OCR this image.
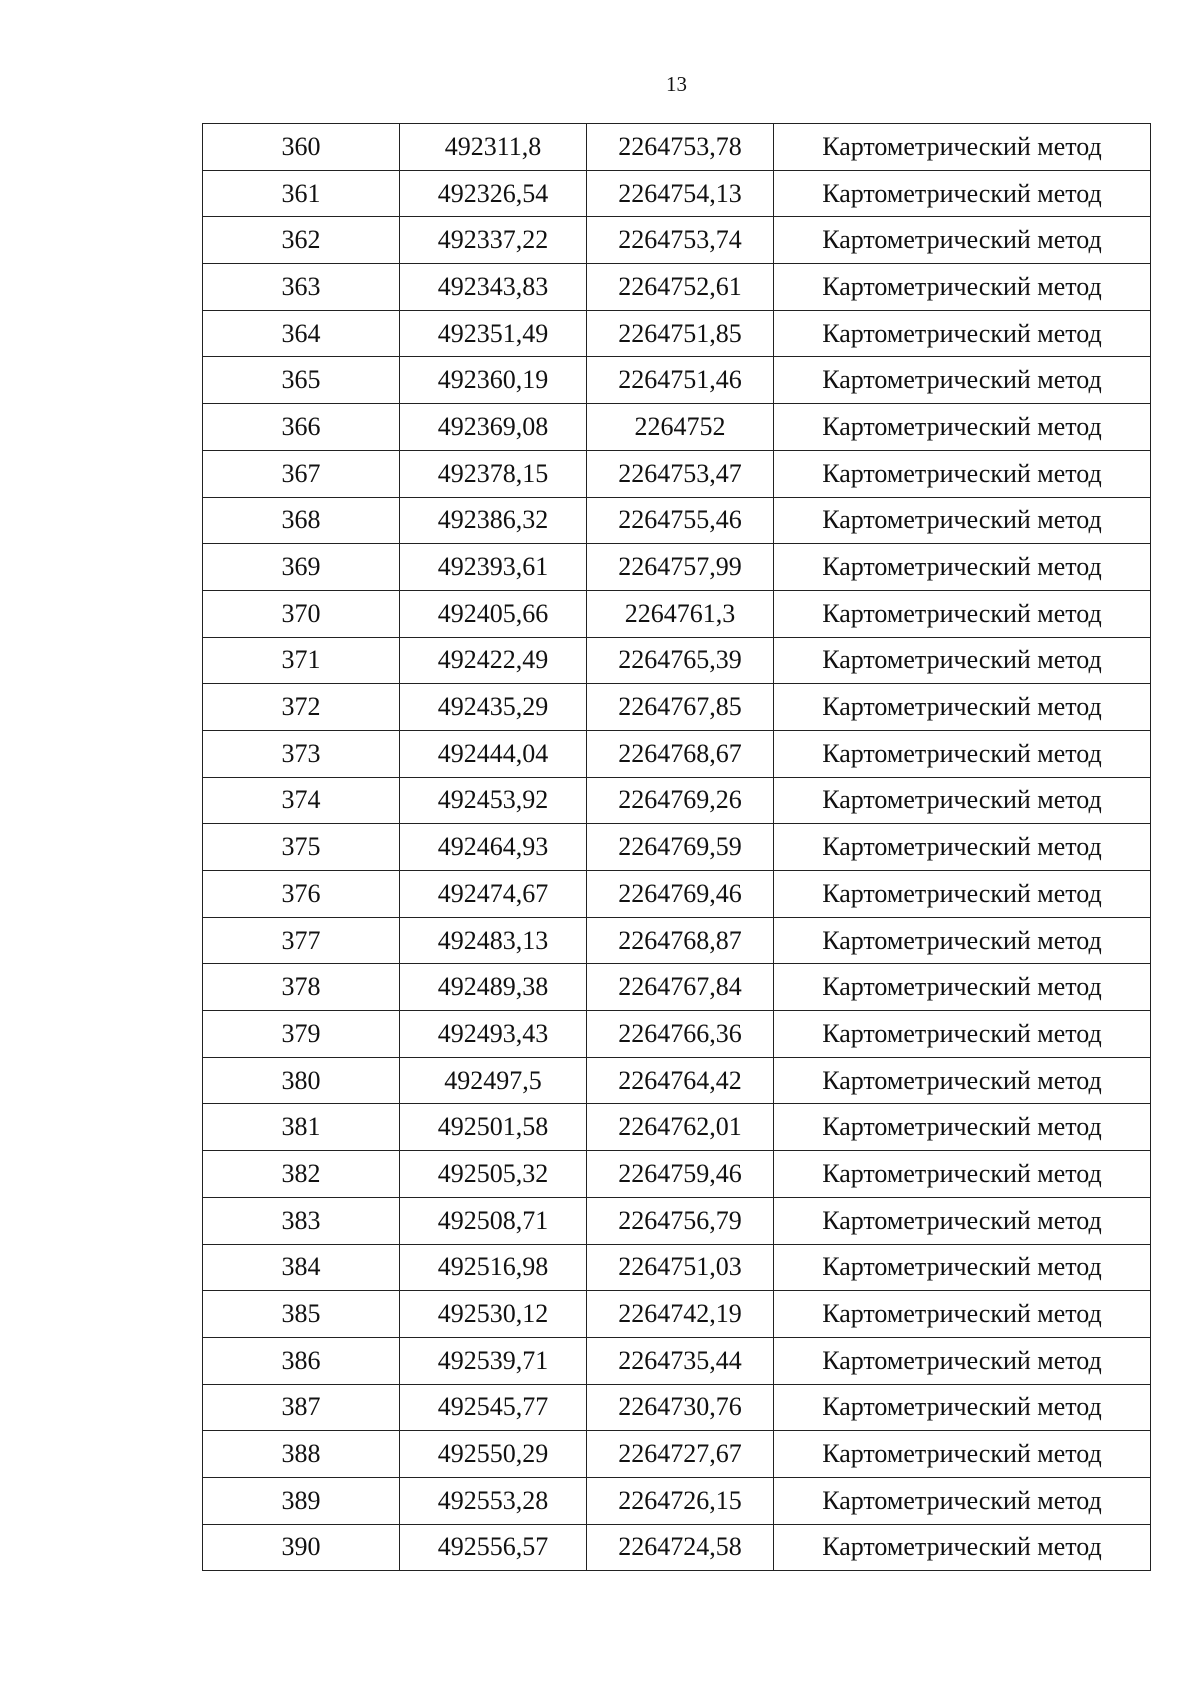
13
360	492311,8	2264753,78	Картометрический метод
361	492326,54	2264754,13	Картометрический метод
362	492337,22	2264753,74	Картометрический метод
363	492343,83	2264752,61	Картометрический метод
364	492351,49	2264751,85	Картометрический метод
365	492360,19	2264751,46	Картометрический метод
366	492369,08	2264752	Картометрический метод
367	492378,15	2264753,47	Картометрический метод
368	492386,32	2264755,46	Картометрический метод
369	492393,61	2264757,99	Картометрический метод
370	492405,66	2264761,3	Картометрический метод
371	492422,49	2264765,39	Картометрический метод
372	492435,29	2264767,85	Картометрический метод
373	492444,04	2264768,67	Картометрический метод
374	492453,92	2264769,26	Картометрический метод
375	492464,93	2264769,59	Картометрический метод
376	492474,67	2264769,46	Картометрический метод
377	492483,13	2264768,87	Картометрический метод
378	492489,38	2264767,84	Картометрический метод
379	492493,43	2264766,36	Картометрический метод
380	492497,5	2264764,42	Картометрический метод
381	492501,58	2264762,01	Картометрический метод
382	492505,32	2264759,46	Картометрический метод
383	492508,71	2264756,79	Картометрический метод
384	492516,98	2264751,03	Картометрический метод
385	492530,12	2264742,19	Картометрический метод
386	492539,71	2264735,44	Картометрический метод
387	492545,77	2264730,76	Картометрический метод
388	492550,29	2264727,67	Картометрический метод
389	492553,28	2264726,15	Картометрический метод
390	492556,57	2264724,58	Картометрический метод
